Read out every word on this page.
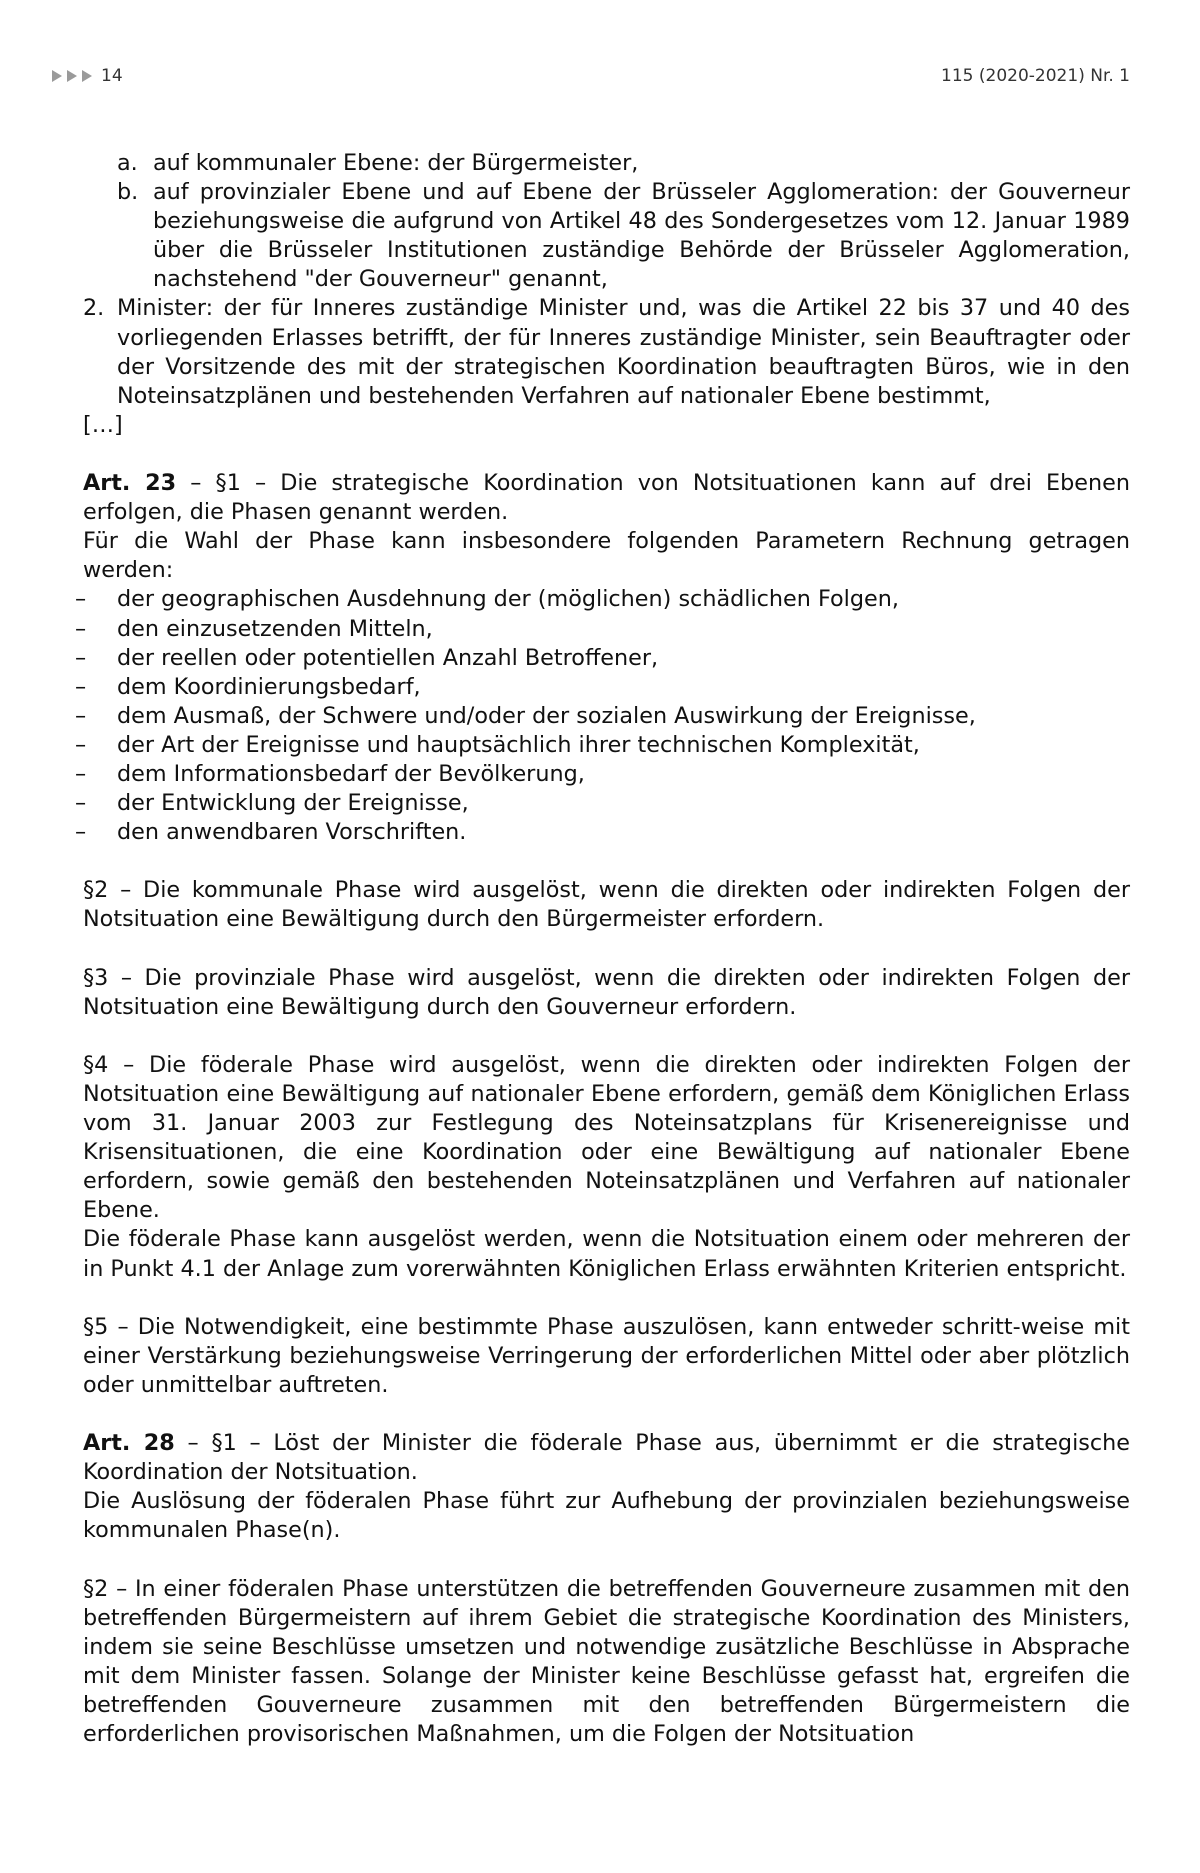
14	115 (2020-2021) Nr. 1
a. auf kommunaler Ebene: der Bürgermeister,
b. auf provinzialer Ebene und auf Ebene der Brüsseler Agglomeration: der Gouverneur beziehungsweise die aufgrund von Artikel 48 des Sondergesetzes vom 12. Januar 1989 über die Brüsseler Institutionen zuständige Behörde der Brüsseler Agglomeration, nachstehend "der Gouverneur" genannt,
2. Minister: der für Inneres zuständige Minister und, was die Artikel 22 bis 37 und 40 des vorliegenden Erlasses betrifft, der für Inneres zuständige Minister, sein Beauftragter oder der Vorsitzende des mit der strategischen Koordination beauftragten Büros, wie in den Noteinsatzplänen und bestehenden Verfahren auf nationaler Ebene bestimmt,

[…]

Art. 23 – §1 – Die strategische Koordination von Notsituationen kann auf drei Ebenen erfolgen, die Phasen genannt werden.

Für die Wahl der Phase kann insbesondere folgenden Parametern Rechnung getragen werden:

– der geographischen Ausdehnung der (möglichen) schädlichen Folgen,
– den einzusetzenden Mitteln,
– der reellen oder potentiellen Anzahl Betroffener,
– dem Koordinierungsbedarf,
– dem Ausmaß, der Schwere und/oder der sozialen Auswirkung der Ereignisse,
– der Art der Ereignisse und hauptsächlich ihrer technischen Komplexität,
– dem Informationsbedarf der Bevölkerung,
– der Entwicklung der Ereignisse,
– den anwendbaren Vorschriften.

§2 – Die kommunale Phase wird ausgelöst, wenn die direkten oder indirekten Folgen der Notsituation eine Bewältigung durch den Bürgermeister erfordern.

§3 – Die provinziale Phase wird ausgelöst, wenn die direkten oder indirekten Folgen der Notsituation eine Bewältigung durch den Gouverneur erfordern.

§4 – Die föderale Phase wird ausgelöst, wenn die direkten oder indirekten Folgen der Notsituation eine Bewältigung auf nationaler Ebene erfordern, gemäß dem Königlichen Erlass vom 31. Januar 2003 zur Festlegung des Noteinsatzplans für Krisenereignisse und Krisensituationen, die eine Koordination oder eine Bewältigung auf nationaler Ebene erfordern, sowie gemäß den bestehenden Noteinsatzplänen und Verfahren auf nationaler Ebene.

Die föderale Phase kann ausgelöst werden, wenn die Notsituation einem oder mehreren der in Punkt 4.1 der Anlage zum vorerwähnten Königlichen Erlass erwähnten Kriterien entspricht.

§5 – Die Notwendigkeit, eine bestimmte Phase auszulösen, kann entweder schritt-weise mit einer Verstärkung beziehungsweise Verringerung der erforderlichen Mittel oder aber plötzlich oder unmittelbar auftreten.

Art. 28 – §1 – Löst der Minister die föderale Phase aus, übernimmt er die strategische Koordination der Notsituation.

Die Auslösung der föderalen Phase führt zur Aufhebung der provinzialen beziehungsweise kommunalen Phase(n).

§2 – In einer föderalen Phase unterstützen die betreffenden Gouverneure zusammen mit den betreffenden Bürgermeistern auf ihrem Gebiet die strategische Koordination des Ministers, indem sie seine Beschlüsse umsetzen und notwendige zusätzliche Beschlüsse in Absprache mit dem Minister fassen. Solange der Minister keine Beschlüsse gefasst hat, ergreifen die betreffenden Gouverneure zusammen mit den betreffenden Bürgermeistern die erforderlichen provisorischen Maßnahmen, um die Folgen der Notsituation
